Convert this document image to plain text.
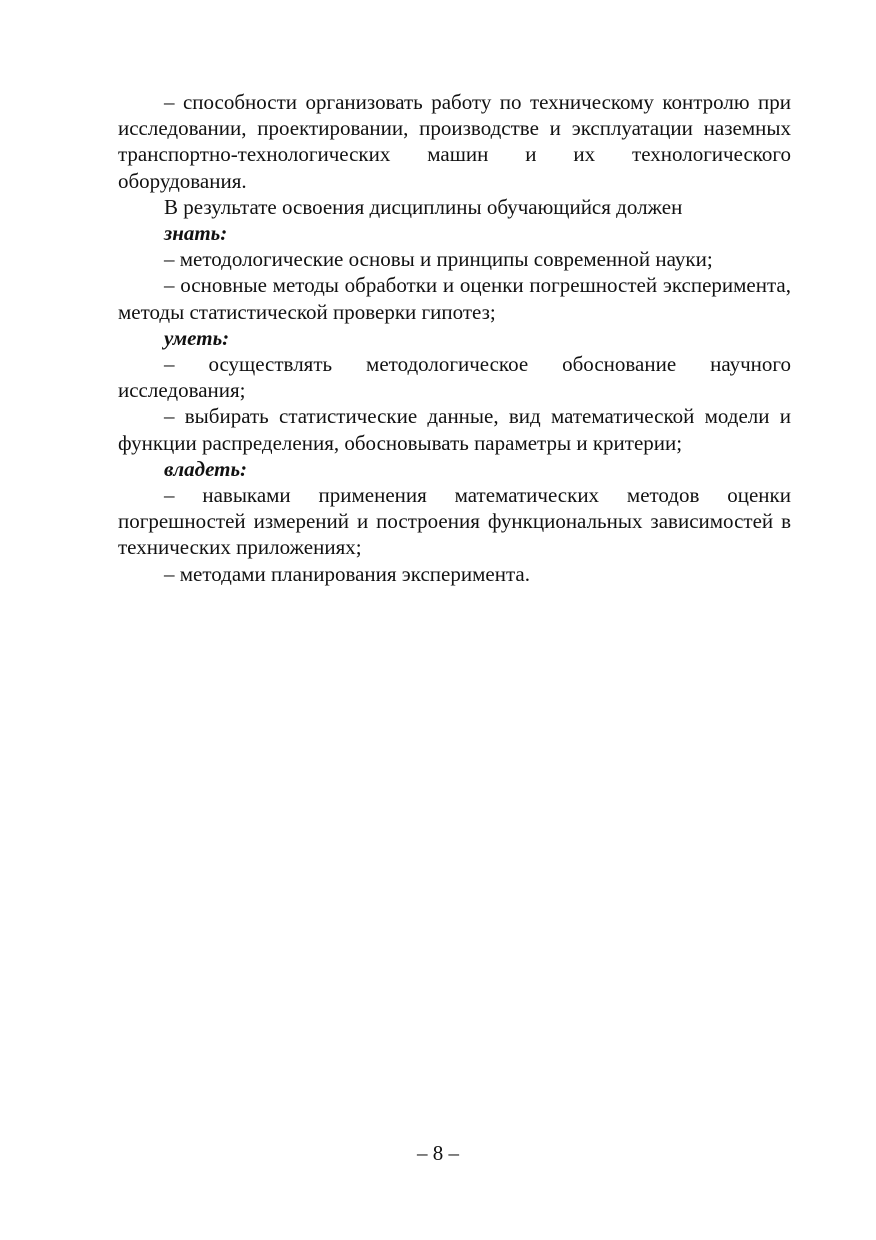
– способности организовать работу по техническому контролю при исследовании, проектировании, производстве и эксплуатации наземных транспортно-технологических машин и их технологического оборудования.

В результате освоения дисциплины обучающийся должен

знать:

– методологические основы и принципы современной науки;

– основные методы обработки и оценки погрешностей эксперимента, методы статистической проверки гипотез;

уметь:

– осуществлять методологическое обоснование научного исследования;

– выбирать статистические данные, вид математической модели и функции распределения, обосновывать параметры и критерии;

владеть:

– навыками применения математических методов оценки погрешностей измерений и построения функциональных зависимостей в технических приложениях;

– методами планирования эксперимента.

– 8 –
